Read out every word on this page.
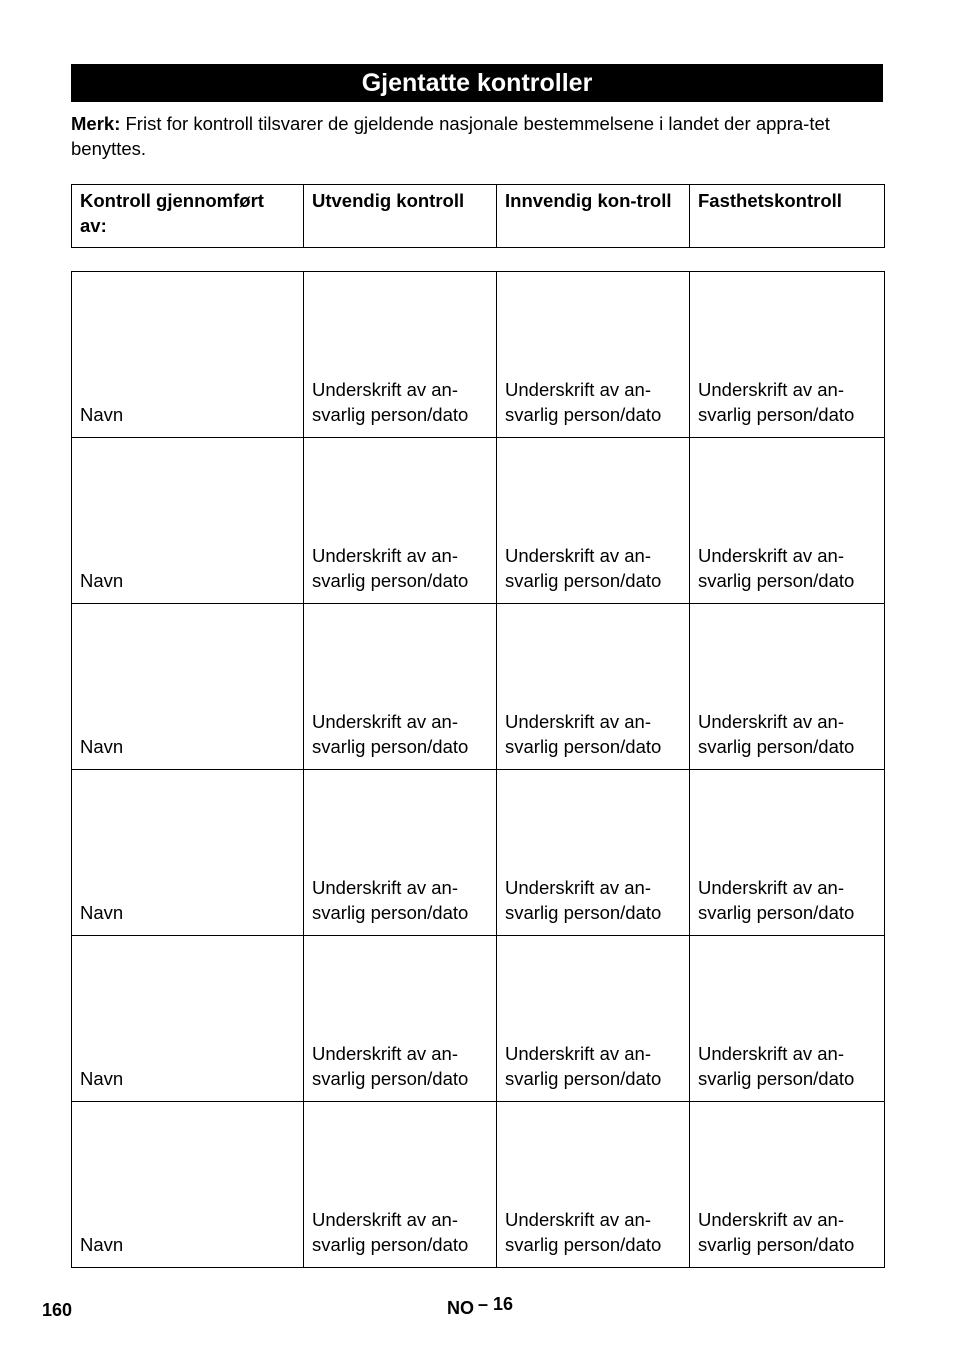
Gjentatte kontroller
Merk: Frist for kontroll tilsvarer de gjeldende nasjonale bestemmelsene i landet der appra-tet benyttes.
Kontroll gjennomført av:	Utvendig kontroll	Innvendig kon-troll	Fasthetskontroll
Navn	Underskrift av an-svarlig person/dato	Underskrift av an-svarlig person/dato	Underskrift av an-svarlig person/dato
Navn	Underskrift av an-svarlig person/dato	Underskrift av an-svarlig person/dato	Underskrift av an-svarlig person/dato
Navn	Underskrift av an-svarlig person/dato	Underskrift av an-svarlig person/dato	Underskrift av an-svarlig person/dato
Navn	Underskrift av an-svarlig person/dato	Underskrift av an-svarlig person/dato	Underskrift av an-svarlig person/dato
Navn	Underskrift av an-svarlig person/dato	Underskrift av an-svarlig person/dato	Underskrift av an-svarlig person/dato
Navn	Underskrift av an-svarlig person/dato	Underskrift av an-svarlig person/dato	Underskrift av an-svarlig person/dato
160	NO – 16
